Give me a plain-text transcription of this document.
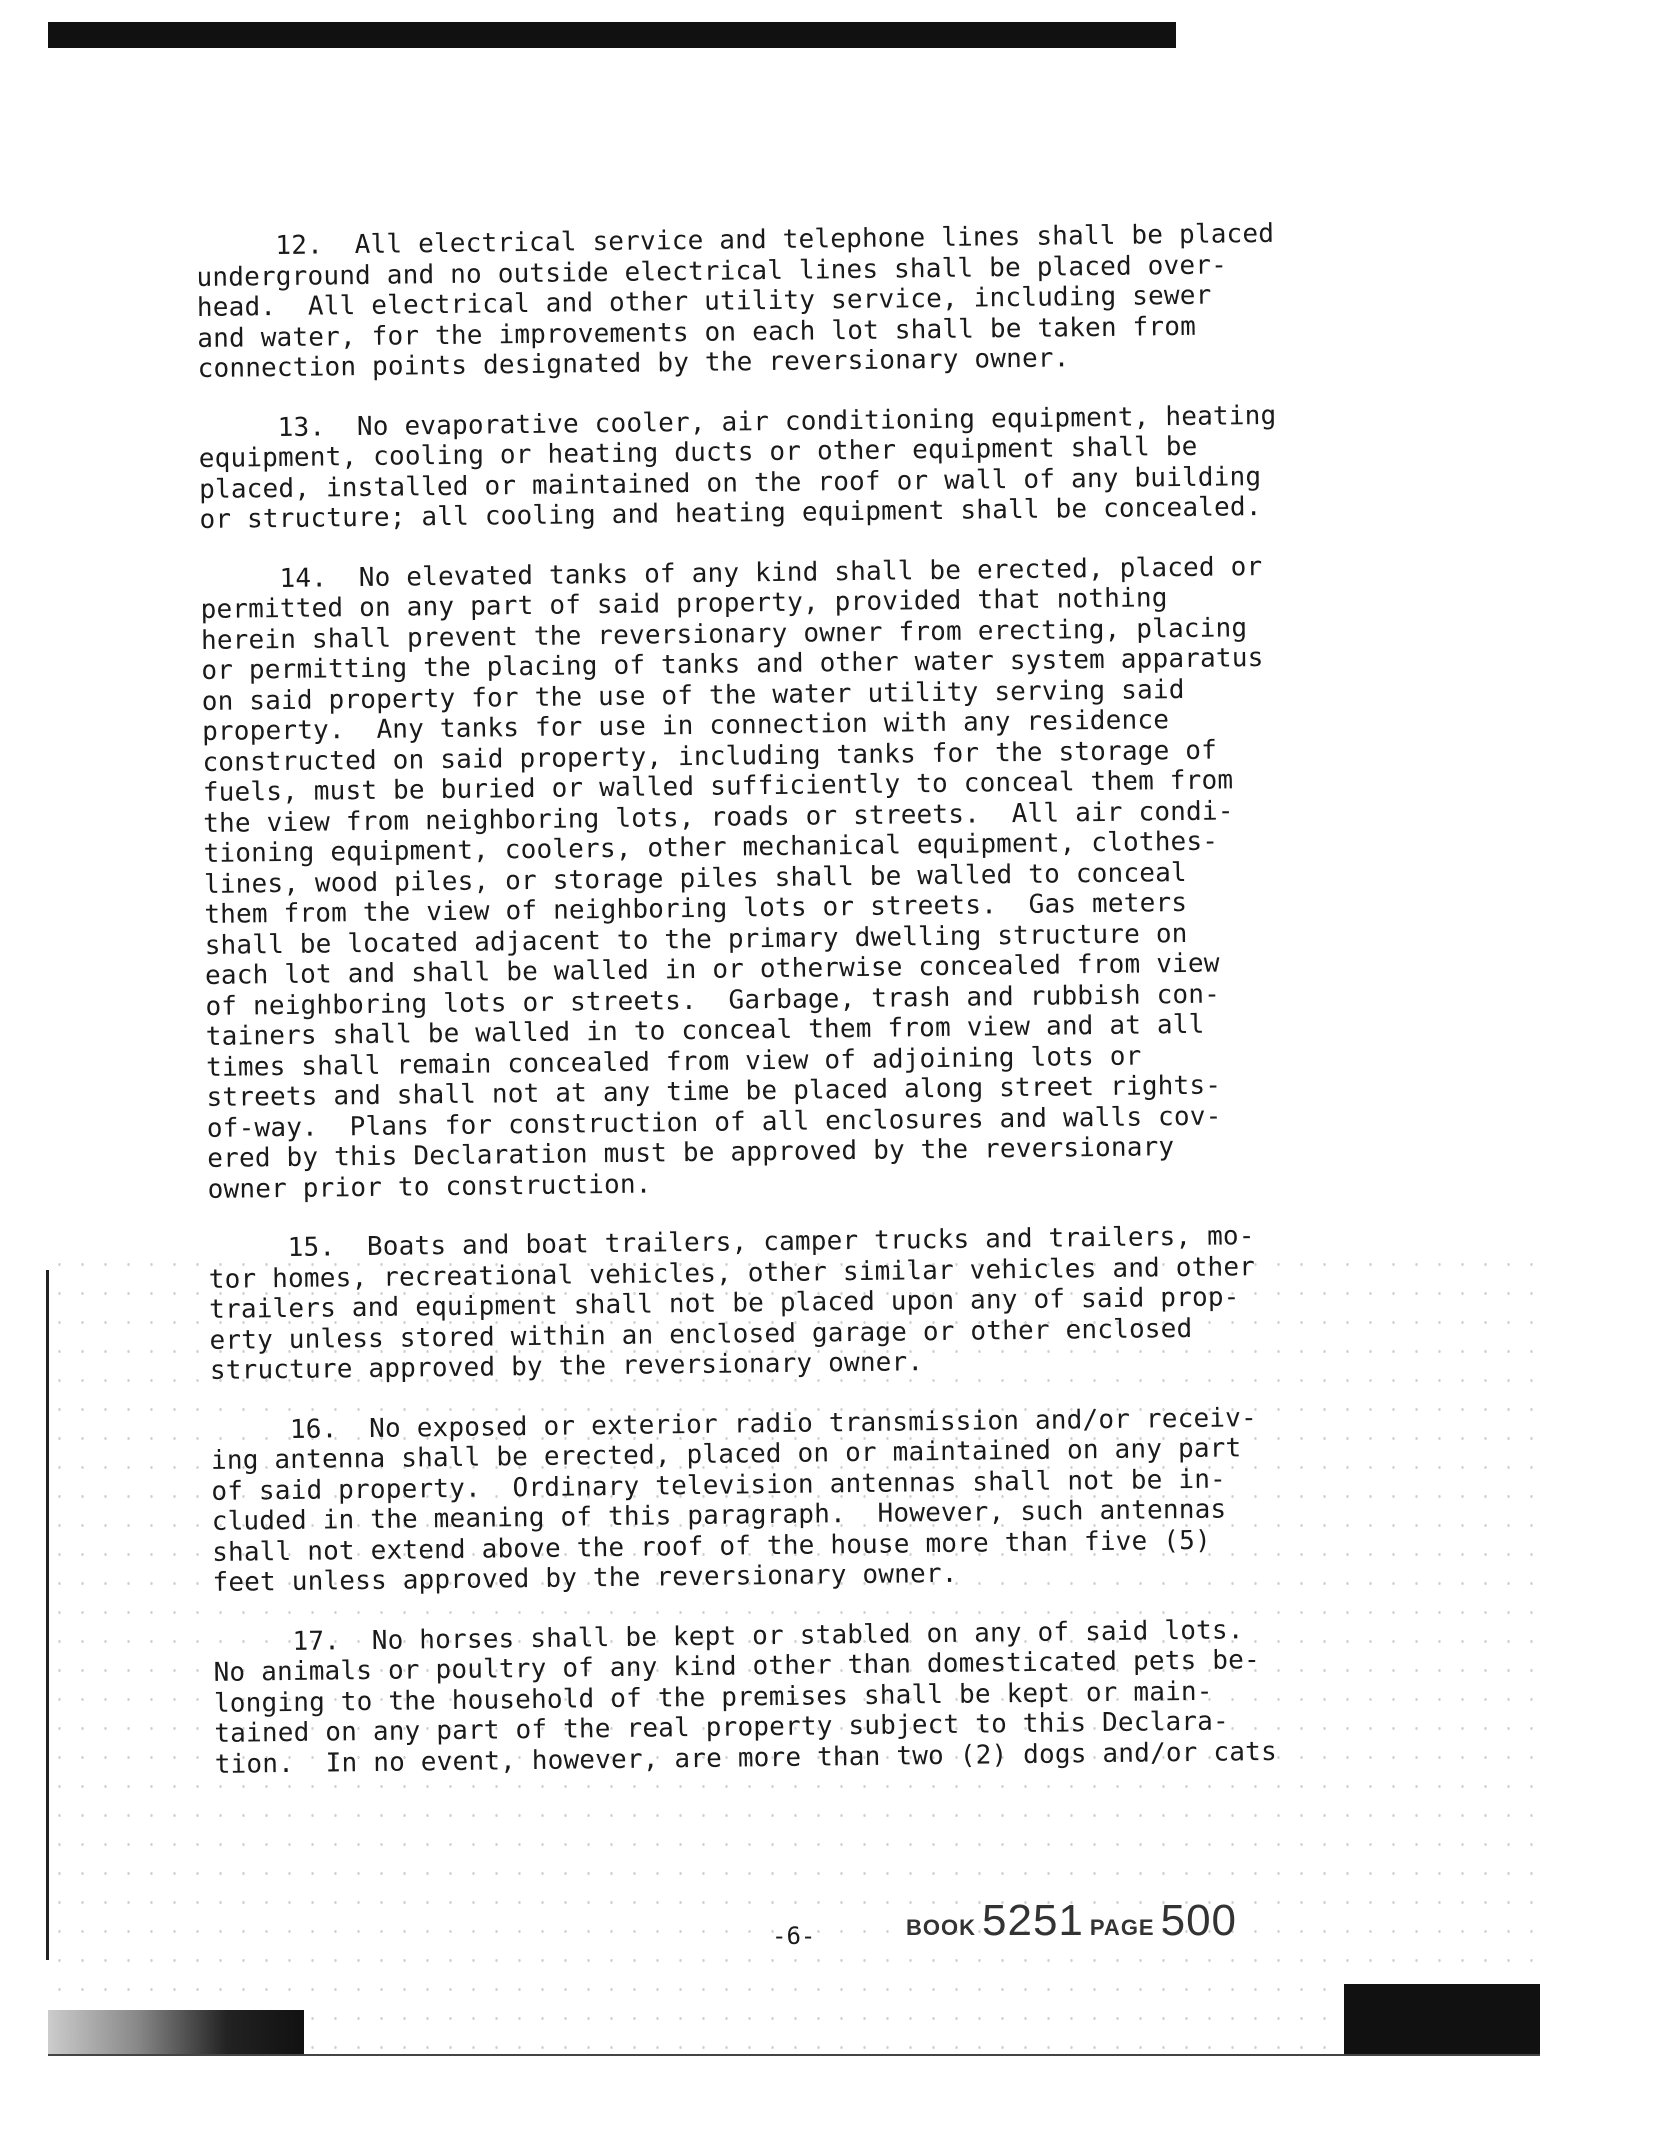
12.  All electrical service and telephone lines shall be placed
underground and no outside electrical lines shall be placed over-
head.  All electrical and other utility service, including sewer
and water, for the improvements on each lot shall be taken from
connection points designated by the reversionary owner.
13.  No evaporative cooler, air conditioning equipment, heating
equipment, cooling or heating ducts or other equipment shall be
placed, installed or maintained on the roof or wall of any building
or structure; all cooling and heating equipment shall be concealed.
14.  No elevated tanks of any kind shall be erected, placed or
permitted on any part of said property, provided that nothing
herein shall prevent the reversionary owner from erecting, placing
or permitting the placing of tanks and other water system apparatus
on said property for the use of the water utility serving said
property.  Any tanks for use in connection with any residence
constructed on said property, including tanks for the storage of
fuels, must be buried or walled sufficiently to conceal them from
the view from neighboring lots, roads or streets.  All air condi-
tioning equipment, coolers, other mechanical equipment, clothes-
lines, wood piles, or storage piles shall be walled to conceal
them from the view of neighboring lots or streets.  Gas meters
shall be located adjacent to the primary dwelling structure on
each lot and shall be walled in or otherwise concealed from view
of neighboring lots or streets.  Garbage, trash and rubbish con-
tainers shall be walled in to conceal them from view and at all
times shall remain concealed from view of adjoining lots or
streets and shall not at any time be placed along street rights-
of-way.  Plans for construction of all enclosures and walls cov-
ered by this Declaration must be approved by the reversionary
owner prior to construction.
15.  Boats and boat trailers, camper trucks and trailers, mo-
tor homes, recreational vehicles, other similar vehicles and other
trailers and equipment shall not be placed upon any of said prop-
erty unless stored within an enclosed garage or other enclosed
structure approved by the reversionary owner.
16.  No exposed or exterior radio transmission and/or receiv-
ing antenna shall be erected, placed on or maintained on any part
of said property.  Ordinary television antennas shall not be in-
cluded in the meaning of this paragraph.  However, such antennas
shall not extend above the roof of the house more than five (5)
feet unless approved by the reversionary owner.
17.  No horses shall be kept or stabled on any of said lots.
No animals or poultry of any kind other than domesticated pets be-
longing to the household of the premises shall be kept or main-
tained on any part of the real property subject to this Declara-
tion.  In no event, however, are more than two (2) dogs and/or cats
-6-	BOOK 5251 PAGE 500
